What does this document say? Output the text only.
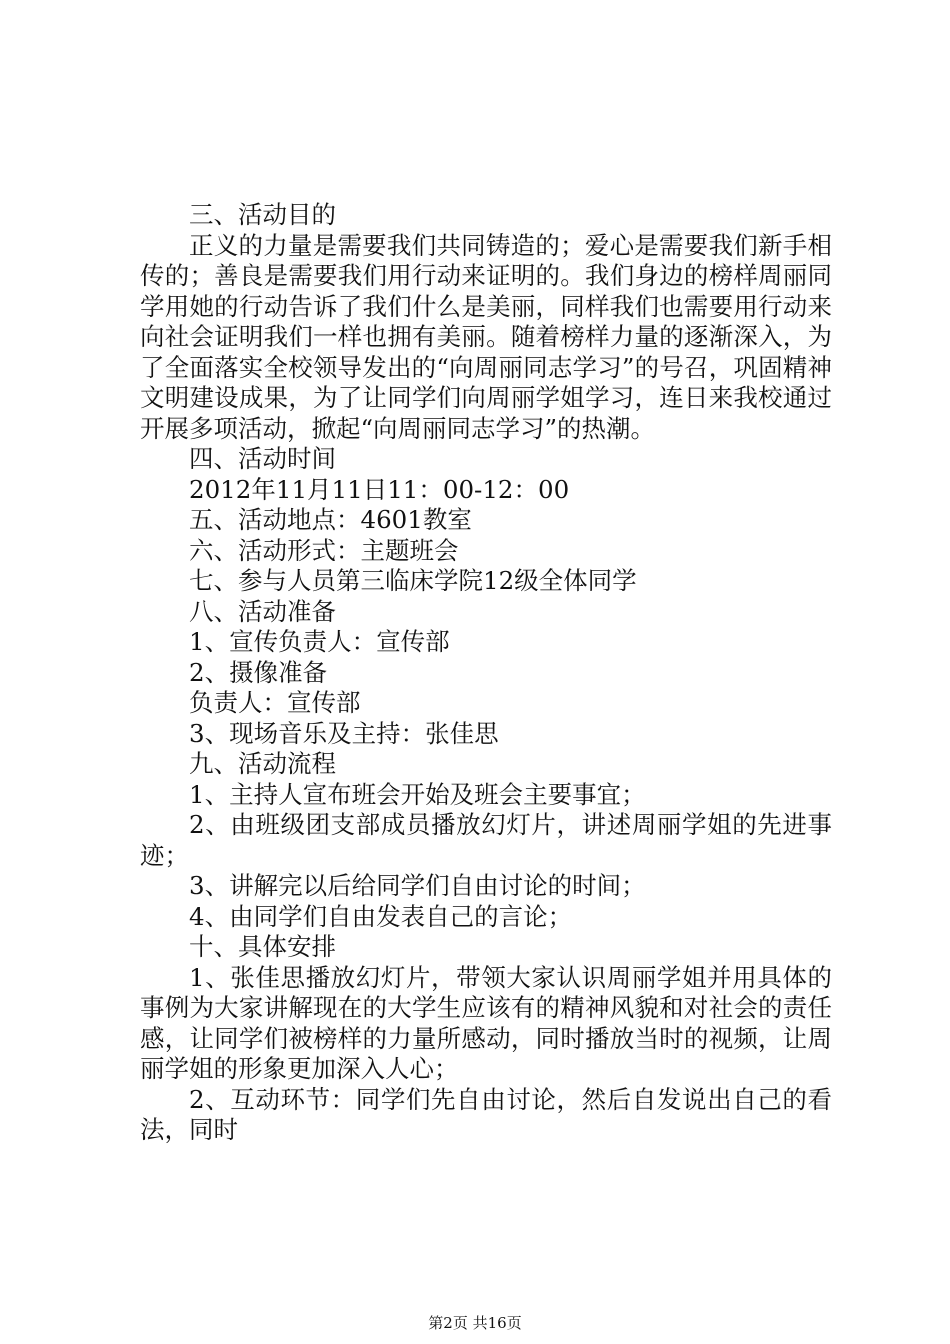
三、活动目的

正义的力量是需要我们共同铸造的；爱心是需要我们新手相传的；善良是需要我们用行动来证明的。我们身边的榜样周丽同学用她的行动告诉了我们什么是美丽，同样我们也需要用行动来向社会证明我们一样也拥有美丽。随着榜样力量的逐渐深入，为了全面落实全校领导发出的“向周丽同志学习”的号召，巩固精神文明建设成果，为了让同学们向周丽学姐学习，连日来我校通过开展多项活动，掀起“向周丽同志学习”的热潮。

四、活动时间

2012年11月11日11：00-12：00

五、活动地点：4601教室

六、活动形式：主题班会

七、参与人员第三临床学院12级全体同学

八、活动准备

1、宣传负责人：宣传部

2、摄像准备

负责人：宣传部

3、现场音乐及主持：张佳思

九、活动流程

1、主持人宣布班会开始及班会主要事宜；

2、由班级团支部成员播放幻灯片，讲述周丽学姐的先进事迹；

3、讲解完以后给同学们自由讨论的时间；

4、由同学们自由发表自己的言论；

十、具体安排

1、张佳思播放幻灯片，带领大家认识周丽学姐并用具体的事例为大家讲解现在的大学生应该有的精神风貌和对社会的责任感，让同学们被榜样的力量所感动，同时播放当时的视频，让周丽学姐的形象更加深入人心；

2、互动环节：同学们先自由讨论，然后自发说出自己的看法，同时

第2页 共16页
